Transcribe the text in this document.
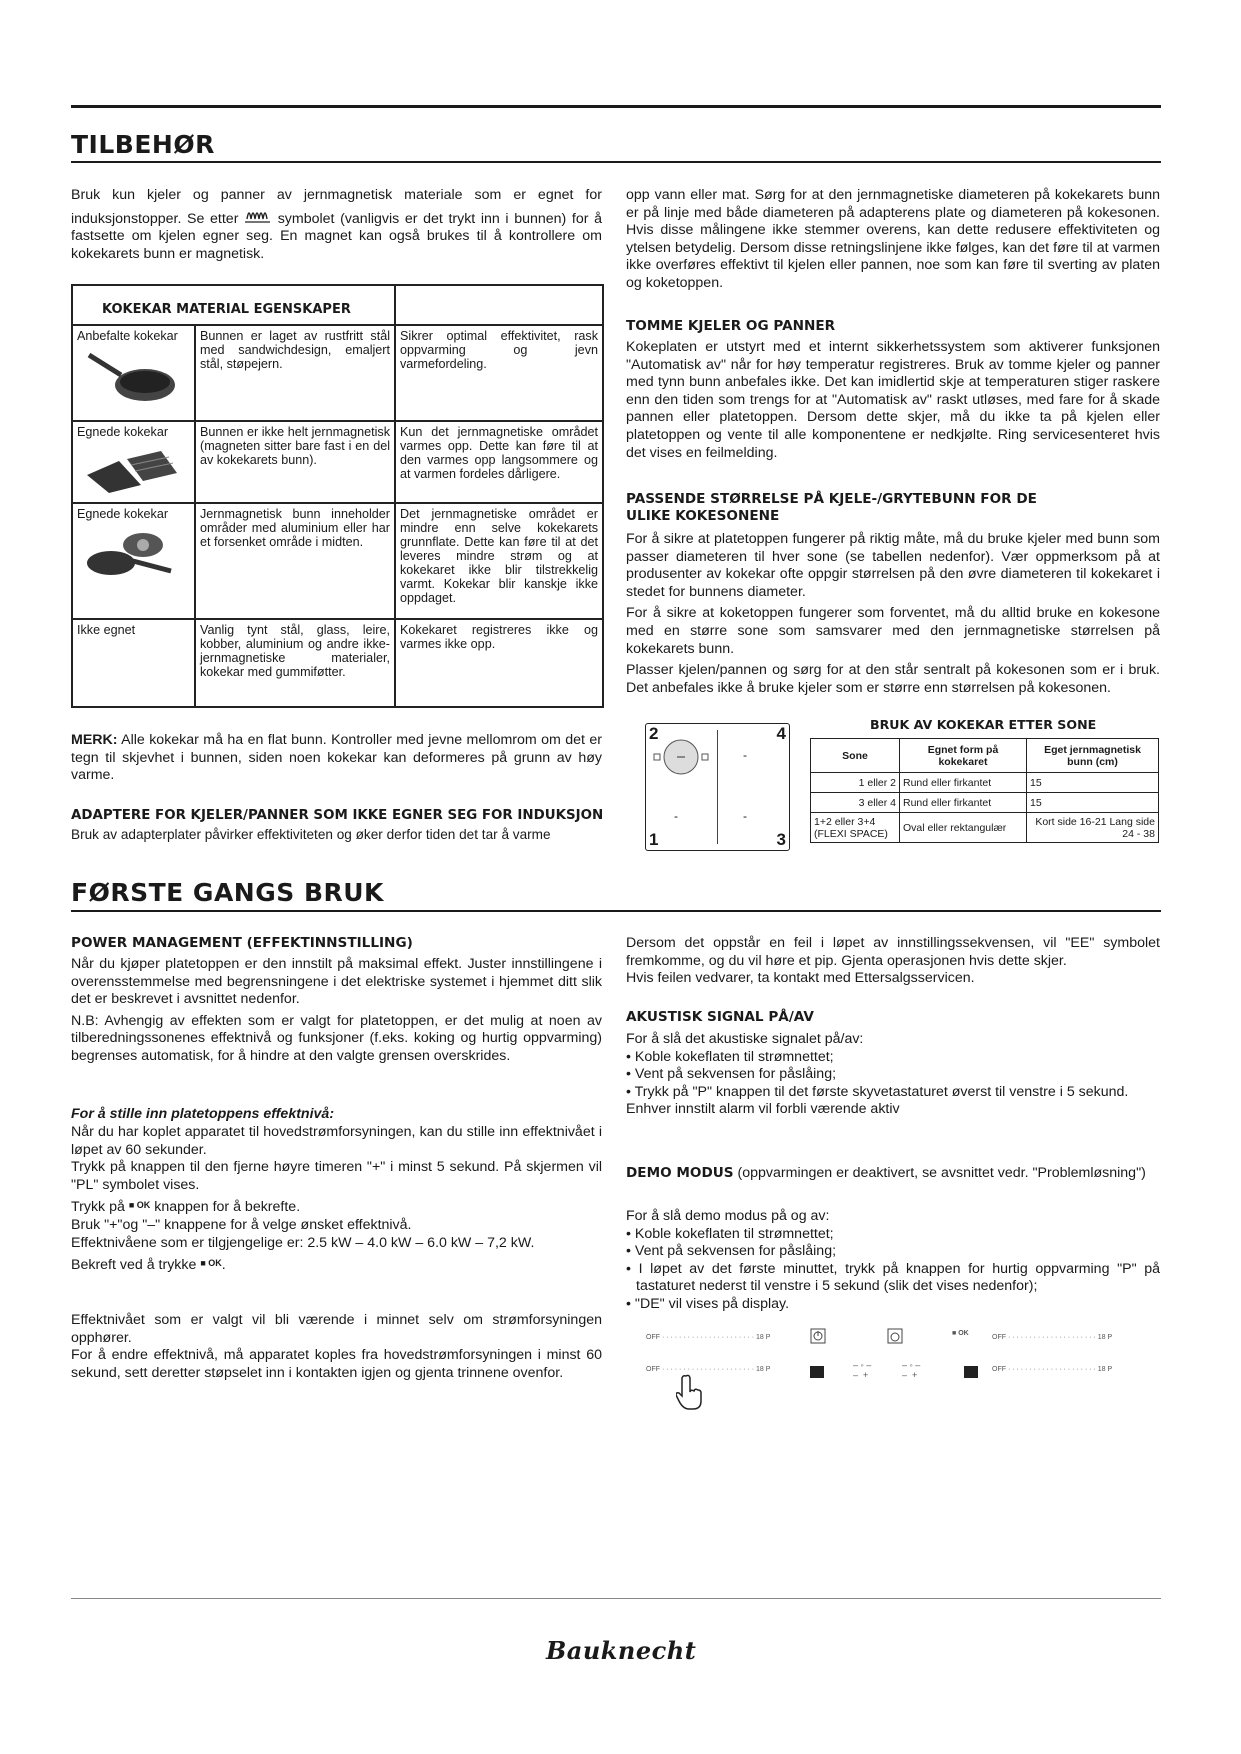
TILBEHØR
Bruk kun kjeler og panner av jernmagnetisk materiale som er egnet for induksjonstopper. Se etter	symbolet (vanligvis er det trykt inn i bunnen) for å fastsette om kjelen egner seg. En magnet kan også brukes til å kontrollere om kokekarets bunn er magnetisk.
KOKEKAR MATERIAL EGENSKAPER		

Anbefalte kokekar	Bunnen er laget av rustfritt stål med sandwichdesign, emaljert stål, støpejern.	Sikrer optimal effektivitet, rask oppvarming og jevn varmefordeling.
Egnede kokekar	Bunnen er ikke helt jernmagnetisk (magneten sitter bare fast i en del av kokekarets bunn).	Kun det jernmagnetiske området varmes opp. Dette kan føre til at den varmes opp langsommere og at varmen fordeles dårligere.
Egnede kokekar	Jernmagnetisk bunn inneholder områder med aluminium eller har et forsenket område i midten.	Det jernmagnetiske området er mindre enn selve kokekarets grunnflate. Dette kan føre til at det leveres mindre strøm og at kokekaret ikke blir tilstrekkelig varmt. Kokekar blir kanskje ikke oppdaget.
Ikke egnet	Vanlig tynt stål, glass, leire, kobber, aluminium og andre ikke-jernmagnetiske materialer, kokekar med gummiføtter.	Kokekaret registreres ikke og varmes ikke opp.
MERK: Alle kokekar må ha en flat bunn. Kontroller med jevne mellomrom om det er tegn til skjevhet i bunnen, siden noen kokekar kan deformeres på grunn av høy varme.
ADAPTERE FOR KJELER/PANNER SOM IKKE EGNER SEG FOR INDUKSJON
Bruk av adapterplater påvirker effektiviteten og øker derfor tiden det tar å varme
opp vann eller mat. Sørg for at den jernmagnetiske diameteren på kokekarets bunn er på linje med både diameteren på adapterens plate og diameteren på kokesonen. Hvis disse målingene ikke stemmer overens, kan dette redusere effektiviteten og ytelsen betydelig. Dersom disse retningslinjene ikke følges, kan det føre til at varmen ikke overføres effektivt til kjelen eller pannen, noe som kan føre til sverting av platen og koketoppen.
TOMME KJELER OG PANNER
Kokeplaten er utstyrt med et internt sikkerhetssystem som aktiverer funksjonen "Automatisk av" når for høy temperatur registreres. Bruk av tomme kjeler og panner med tynn bunn anbefales ikke. Det kan imidlertid skje at temperaturen stiger raskere enn den tiden som trengs for at "Automatisk av" raskt utløses, med fare for å skade pannen eller platetoppen. Dersom dette skjer, må du ikke ta på kjelen eller platetoppen og vente til alle komponentene er nedkjølte. Ring servicesenteret hvis det vises en feilmelding.
PASSENDE STØRRELSE PÅ KJELE-/GRYTEBUNN FOR DE ULIKE KOKESONENE

For å sikre at platetoppen fungerer på riktig måte, må du bruke kjeler med bunn som passer diameteren til hver sone (se tabellen nedenfor). Vær oppmerksom på at produsenter av kokekar ofte oppgir størrelsen på den øvre diameteren til kokekaret i stedet for bunnens diameter.

For å sikre at koketoppen fungerer som forventet, må du alltid bruke en kokesone med en større sone som samsvarer med den jernmagnetiske størrelsen på kokekarets bunn.

Plasser kjelen/pannen og sørg for at den står sentralt på kokesonen som er i bruk. Det anbefales ikke å bruke kjeler som er større enn størrelsen på kokesonen.

2	4
1	3
-
-	-
BRUK AV KOKEKAR ETTER SONE
Sone	Egnet form på kokekaret	Eget jernmagnetisk bunn (cm)
1 eller 2	Rund eller firkantet	15
3 eller 4	Rund eller firkantet	15
1+2 eller 3+4 (FLEXI SPACE)	Oval eller rektangulær	Kort side 16-21 Lang side 24 - 38
FØRSTE GANGS BRUK
POWER MANAGEMENT (EFFEKTINNSTILLING)

Når du kjøper platetoppen er den innstilt på maksimal effekt. Juster innstillingene i overensstemmelse med begrensningene i det elektriske systemet i hjemmet ditt slik det er beskrevet i avsnittet nedenfor.

N.B: Avhengig av effekten som er valgt for platetoppen, er det mulig at noen av tilberedningssonenes effektnivå og funksjoner (f.eks. koking og hurtig oppvarming) begrenses automatisk, for å hindre at den valgte grensen overskrides.

For å stille inn platetoppens effektnivå:
Når du har koplet apparatet til hovedstrømforsyningen, kan du stille inn effektnivået i løpet av 60 sekunder.
Trykk på knappen til den fjerne høyre timeren "+" i minst 5 sekund. På skjermen vil "PL" symbolet vises.
Trykk på $^{■ OK}$ knappen for å bekrefte.
Bruk "+"og "–" knappene for å velge ønsket effektnivå.
Effektnivåene som er tilgjengelige er: 2.5 kW – 4.0 kW – 6.0 kW – 7,2 kW.
Bekreft ved å trykke $^{■ OK}$.
Effektnivået som er valgt vil bli værende i minnet selv om strømforsyningen opphører.
For å endre effektnivå, må apparatet koples fra hovedstrømforsyningen i minst 60 sekund, sett deretter støpselet inn i kontakten igjen og gjenta trinnene ovenfor.
Dersom det oppstår en feil i løpet av innstillingssekvensen, vil "EE" symbolet fremkomme, og du vil høre et pip. Gjenta operasjonen hvis dette skjer.
Hvis feilen vedvarer, ta kontakt med Ettersalgsservicen.
AKUSTISK SIGNAL PÅ/AV
For å slå det akustiske signalet på/av:
• Koble kokeflaten til strømnettet;
• Vent på sekvensen for påslåing;
• Trykk på "P" knappen til det første skyvetastaturet øverst til venstre i 5 sekund.
Enhver innstilt alarm vil forbli værende aktiv
DEMO MODUS (oppvarmingen er deaktivert, se avsnittet vedr. "Problemløsning")
For å slå demo modus på og av:
• Koble kokeflaten til strømnettet;
• Vent på sekvensen for påslåing;
• I løpet av det første minuttet, trykk på knappen for hurtig oppvarming "P" på tastaturet nederst til venstre i 5 sekund (slik det vises nedenfor);
• "DE" vil vises på display.
OFF · · · · · · · · · · · · · · · · · · · · · · 18 P
OFF · · · · · · · · · · · · · · · · · · · · · · 18 P
OFF · · · · · · · · · · · · · · · · · · · · · 18 P
OFF · · · · · · · · · · · · · · · · · · · · · 18 P
■ OK
– ◦ –
–  +
– ◦ –
–  +
Bauknecht
